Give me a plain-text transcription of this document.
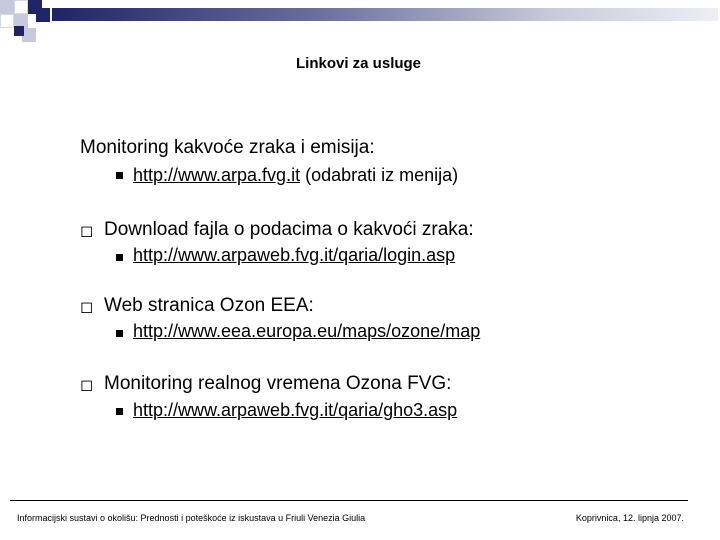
Linkovi za usluge
Monitoring kakvoće zraka i emisija:
http://www.arpa.fvg.it (odabrati iz menija)
◻ Download fajla o podacima o kakvoći zraka:
http://www.arpaweb.fvg.it/qaria/login.asp
◻ Web stranica Ozon EEA:
http://www.eea.europa.eu/maps/ozone/map
◻ Monitoring realnog vremena Ozona FVG:
http://www.arpaweb.fvg.it/qaria/gho3.asp
Informacijski sustavi o okolišu: Prednosti i poteškoće iz iskustava u Friuli Venezia Giulia	Koprivnica, 12. lipnja 2007.
